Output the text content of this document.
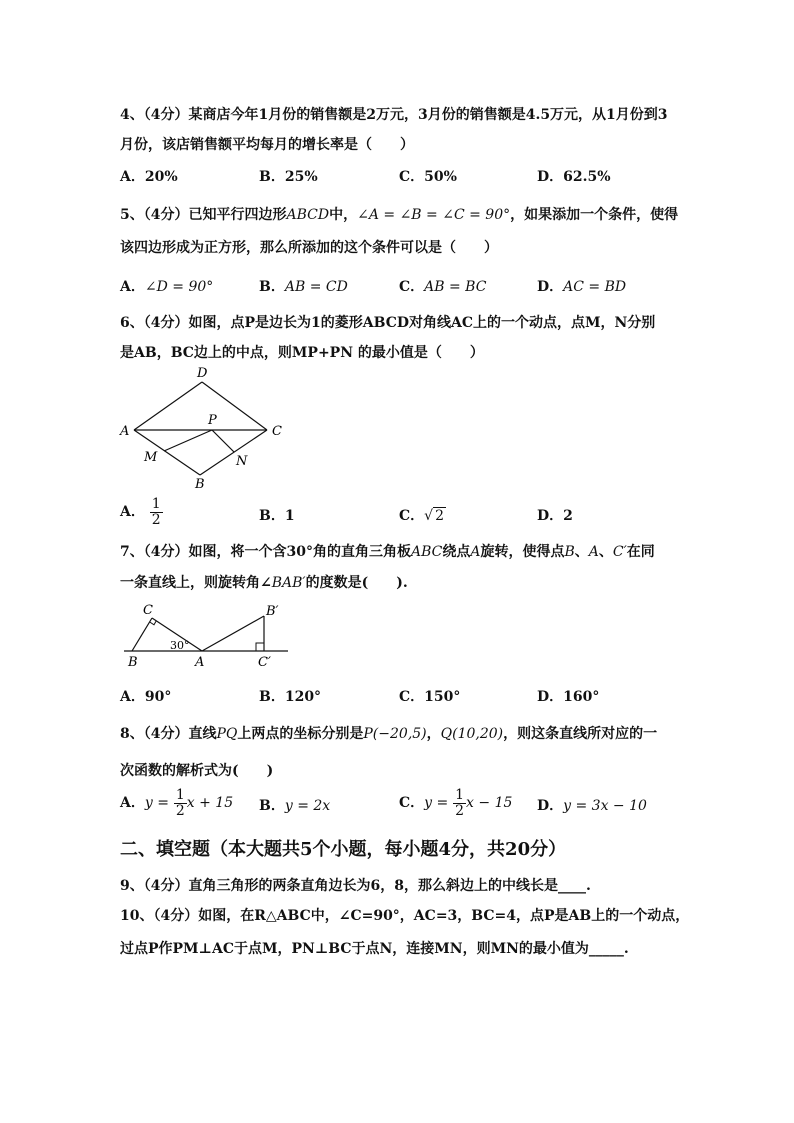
4、（4分）某商店今年1月份的销售额是2万元，3月份的销售额是4.5万元，从1月份到3
月份，该店销售额平均每月的增长率是（　　）
A．20%	B．25%	C．50%	D．62.5%
5、（4分）已知平行四边形ABCD中，∠A = ∠B = ∠C = 90°，如果添加一个条件，使得
该四边形成为正方形，那么所添加的这个条件可以是（　　）
A．∠D = 90°	B．AB = CD	C．AB = BC	D．AC = BD
6、（4分）如图，点P是边长为1的菱形ABCD对角线AC上的一个动点，点M，N分别
是AB，BC边上的中点，则MP+PN 的最小值是（　　）
D
A	C
P
M	N
B
A． $\frac{1}{2}$	B．1	C．√ 2	D．2
7、（4分）如图，将一个含30°角的直角三角板ABC绕点A旋转，使得点B、A、C′在同
一条直线上，则旋转角∠BAB′的度数是(　　).
C
B	A
B′
C′
30°
A．90°	B．120°	C．150°	D．160°
8、（4分）直线PQ上两点的坐标分别是P(−20,5)，Q(10,20)，则这条直线所对应的一
次函数的解析式为(　　)
A．$y = \frac{1}{2}$ x + 15 B．y = 2x	C．$y = \frac{1}{2}$ x − 15 D．y = 3x − 10
二、填空题（本大题共5个小题，每小题4分，共20分）
9、（4分）直角三角形的两条直角边长为6，8，那么斜边上的中线长是____.
10、（4分）如图，在R△ABC中，∠C=90°，AC=3，BC=4，点P是AB上的一个动点，
过点P作PM⊥AC于点M，PN⊥BC于点N，连接MN，则MN的最小值为_____.
